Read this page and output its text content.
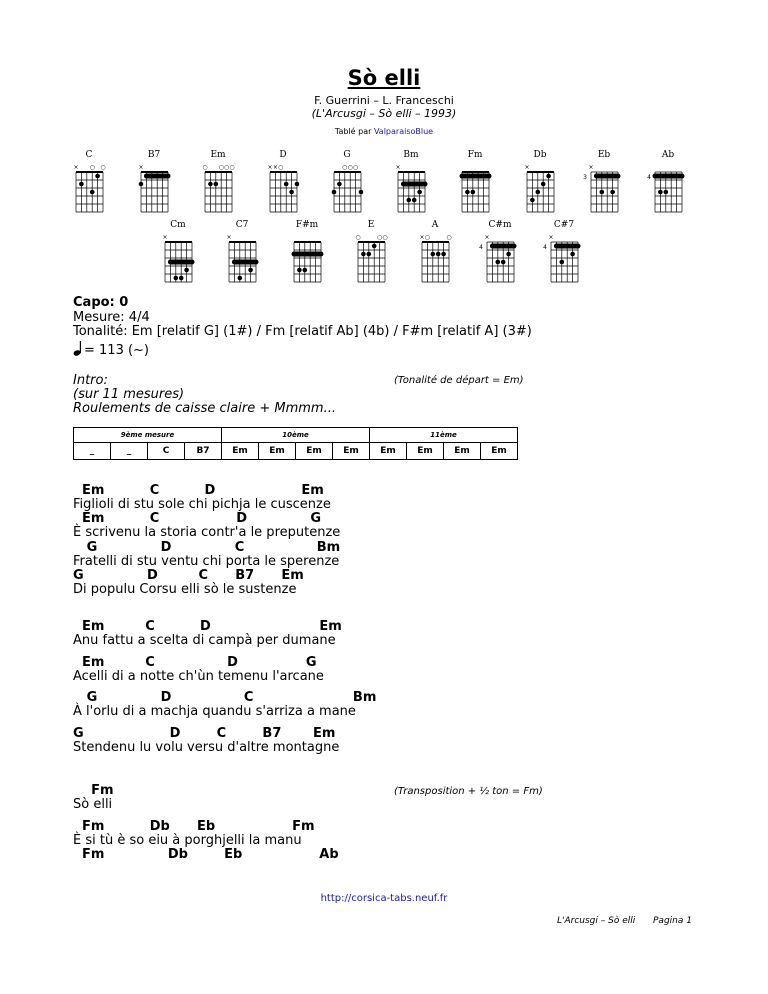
Sò elli
F. Guerrini – L. Franceschi
(L'Arcusgi – Sò elli – 1993)
Tablé par ValparaisoBlue
C
× ○ ○
B7
×
Em
○ ○ ○ ○
D
× × ○
G
○ ○ ○
Bm
×
Fm	Db
×
Eb
×
3
Ab
4
Cm
×
C7
×
F#m	E
○	○ ○
A
× ○	○
C#m
×
4
C#7
×
4
Capo: 0
Mesure: 4/4
Tonalité: Em [relatif G] (1#) / Fm [relatif Ab] (4b) / F#m [relatif A] (3#)
= 113 (~)
Intro:
(sur 11 mesures)
Roulements de caisse claire + Mmmm...
(Tonalité de départ = Em)
9ème mesure				10ème				11ème			
_	_	C	B7	Em	Em	Em	Em	Em	Em	Em	Em
Em          C          D                   Em
Figlioli di stu sole chi pichja le cuscenze
Em          C                 D              G
È scrivenu la storia contr'a le preputenze
G              D              C                Bm
Fratelli di stu ventu chi porta le sperenze
G              D         C      B7      Em
Di populu Corsu elli sò le sustenze
Em         C          D                        Em
Anu fattu a scelta di campà per dumane
Em         C                D               G
Acelli di a notte ch'ùn temenu l'arcane
G              D                C                      Bm
À l'orlu di a machja quandu s'arriza a mane
G                   D        C        B7       Em
Stendenu lu volu versu d'altre montagne
Fm
Sò elli
(Transposition + ½ ton = Fm)
Fm          Db      Eb                 Fm
È si tù è so eiu à porghjelli la manu
Fm              Db        Eb                 Ab
http://corsica-tabs.neuf.fr
L'Arcusgi – Sò elli Pagina 1
